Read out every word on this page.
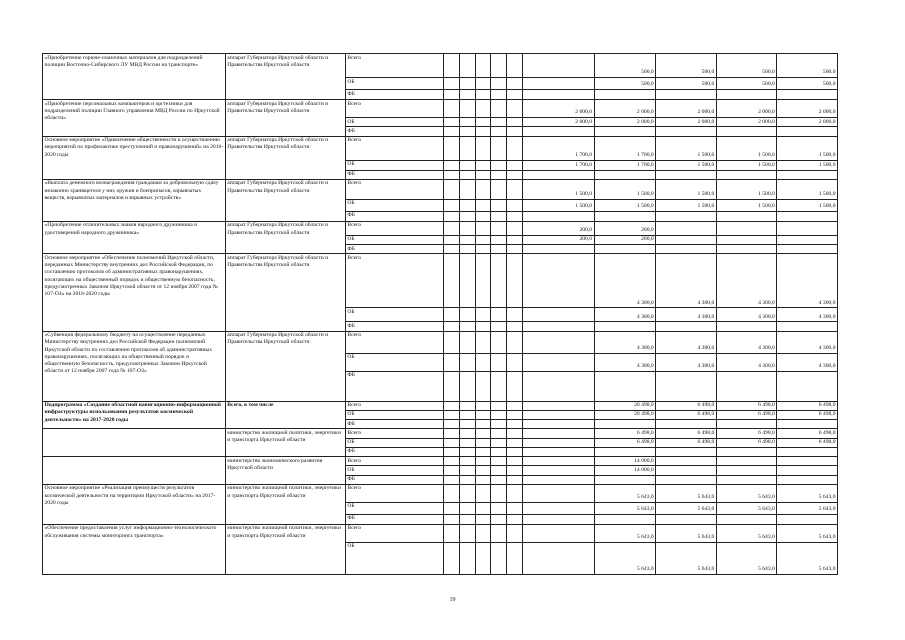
«Приобретение горюче-смазочных материалов для подразделений полиции Восточно-Сибирского ЛУ МВД России на транспорте»	аппарат Губернатора Иркутской области и Правительства Иркутской области	Всего							500,0	500,0	500,0	500,0
		ОБ							500,0	500,0	500,0	500,0
		ФБ										
«Приобретение персональных компьютеров и оргтехники для подразделений полиции Главного управления МВД России по Иркутской области»	аппарат Губернатора Иркутской области и Правительства Иркутской области	Всего						2 000,0	2 000,0	2 000,0	2 000,0	2 000,0
		ОБ						2 000,0	2 000,0	2 000,0	2 000,0	2 000,0
		ФБ										
Основное мероприятие «Привлечение общественности к осуществлению мероприятий по профилактике преступлений и правонарушений» на 2016-2020 годы	аппарат Губернатора Иркутской области и Правительства Иркутской области	Всего						1 700,0	1 700,0	1 500,0	1 500,0	1 500,0
		ОБ						1 700,0	1 700,0	1 500,0	1 500,0	1 500,0
		ФБ										
«Выплата денежного вознаграждения гражданам за добровольную сдачу незаконно хранящегося у них оружия и боеприпасов, взрывчатых веществ, взрывчатых материалов и взрывных устройств»	аппарат Губернатора Иркутской области и Правительства Иркутской области	Всего						1 500,0	1 500,0	1 500,0	1 500,0	1 500,0
		ОБ						1 500,0	1 500,0	1 500,0	1 500,0	1 500,0
		ФБ										
«Приобретение отличительных знаков народного дружинника и удостоверений народного дружинника»	аппарат Губернатора Иркутской области и Правительства Иркутской области	Всего						200,0	200,0			
		ОБ						200,0	200,0			
		ФБ										
Основное мероприятие «Обеспечение полномочий Иркутской области, переданных Министерству внутренних дел Российской Федерации, по составлению протоколов об административных правонарушениях, посягающих на общественный порядок и общественную безопасность, предусмотренных Законом Иркутской области от 12 ноября 2007 года № 107-ОЗ» на 2018-2020 годы	аппарат Губернатора Иркутской области и Правительства Иркутской области	Всего							4 300,0	4 300,0	4 300,0	4 300,0
		ОБ							4 300,0	4 300,0	4 300,0	4 300,0
		ФБ										
«Субвенция федеральному бюджету на осуществление переданных Министерству внутренних дел Российской Федерации полномочий Иркутской области по составлению протоколов об административных правонарушениях, посягающих на общественный порядок и общественную безопасность, предусмотренных Законом Иркутской области от 12 ноября 2007 года № 107-ОЗ»	аппарат Губернатора Иркутской области и Правительства Иркутской области	Всего							4 300,0	4 300,0	4 300,0	4 300,0
		ОБ							4 300,0	4 300,0	4 300,0	4 300,0
		ФБ										
Подпрограмма «Создание областной навигационно-информационной инфраструктуры использования результатов космической деятельности» на 2017-2020 годы	Всего, в том числе	Всего							20 498,0	6 498,0	6 498,0	6 498,0
		ОБ							20 498,0	6 498,0	6 498,0	6 498,0
		ФБ										
	министерство жилищной политики, энергетики и транспорта Иркутской области	Всего							6 498,0	6 498,0	6 498,0	6 498,0
		ОБ							6 498,0	6 498,0	6 498,0	6 498,0
		ФБ										
	министерство экономического развития Иркутской области	Всего							14 000,0			
		ОБ							14 000,0			
		ФБ										
Основное мероприятие «Реализация преимуществ результатов космической деятельности на территории Иркутской области» на 2017-2020 годы	министерство жилищной политики, энергетики и транспорта Иркутской области	Всего							5 643,0	5 643,0	5 643,0	5 643,0
		ОБ							5 643,0	5 643,0	5 643,0	5 643,0
		ФБ										
«Обеспечение предоставления услуг информационно-технологического обслуживания системы мониторинга транспорта»	министерство жилищной политики, энергетики и транспорта Иркутской области	Всего							5 643,0	5 643,0	5 643,0	5 643,0
		ОБ							5 643,0	5 643,0	5 643,0	5 643,0
19
